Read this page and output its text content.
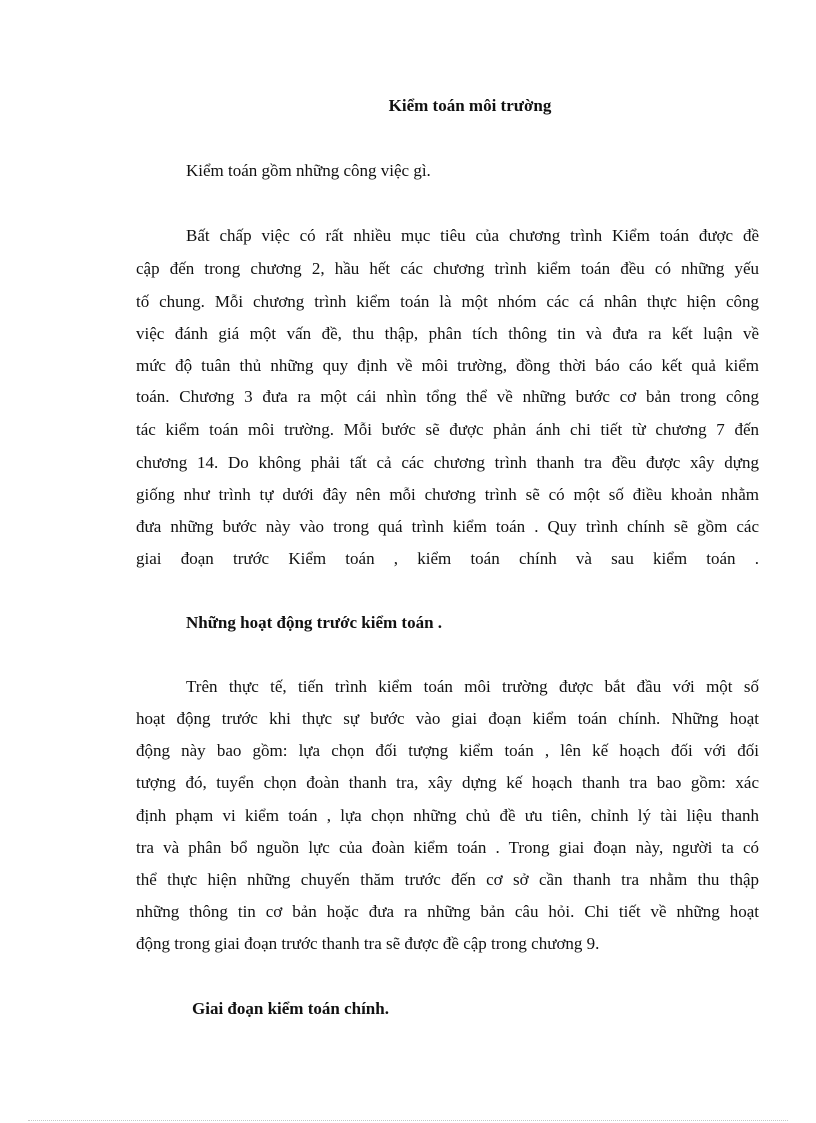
Kiểm toán môi trường
Kiểm toán gồm những công việc gì.
Bất chấp việc có rất nhiều mục tiêu của chương trình Kiểm toán được đề
cập đến trong chương 2, hầu hết các chương trình kiểm toán đều có những yếu
tố chung. Mỗi chương trình kiểm toán là một nhóm các cá nhân thực hiện công
việc đánh giá một vấn đề, thu thập, phân tích thông tin và đưa ra kết luận về
mức độ tuân thủ những quy định về môi trường, đồng thời báo cáo kết quả kiểm
toán. Chương 3 đưa ra một cái nhìn tổng thể về những bước cơ bản trong công
tác kiểm toán môi trường. Mỗi bước sẽ được phản ánh chi tiết từ chương 7 đến
chương 14. Do không phải tất cả các chương trình thanh tra đều được xây dựng
giống như trình tự dưới đây nên mỗi chương trình sẽ có một số điều khoản nhằm
đưa những bước này vào trong quá trình kiểm toán . Quy trình chính sẽ gồm các
giai đoạn trước Kiểm toán , kiểm toán chính và sau kiểm toán .
Những hoạt động trước kiểm toán .
Trên thực tế, tiến trình kiểm toán môi trường được bắt đầu với một số
hoạt động trước khi thực sự bước vào giai đoạn kiểm toán chính. Những hoạt
động này bao gồm: lựa chọn đối tượng kiểm toán , lên kế hoạch đối với đối
tượng đó, tuyển chọn đoàn thanh tra, xây dựng kế hoạch thanh tra bao gồm: xác
định phạm vi kiểm toán , lựa chọn những chủ đề ưu tiên, chỉnh lý tài liệu thanh
tra và phân bổ nguồn lực của đoàn kiểm toán . Trong giai đoạn này, người ta có
thể thực hiện những chuyến thăm trước đến cơ sở cần thanh tra nhằm thu thập
những thông tin cơ bản hoặc đưa ra những bản câu hỏi. Chi tiết về những hoạt
động trong giai đoạn trước thanh tra sẽ được đề cập trong chương 9.
Giai đoạn kiểm toán chính.
